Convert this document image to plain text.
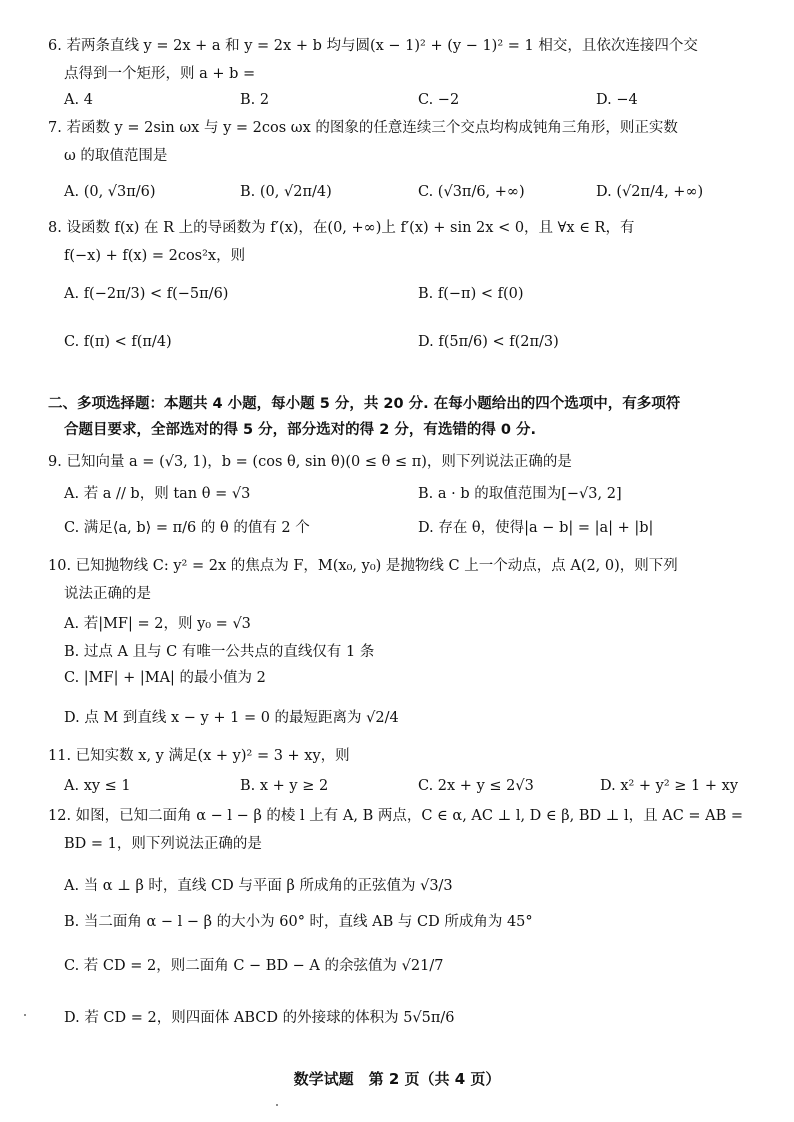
6. 若两条直线 y = 2x + a 和 y = 2x + b 均与圆(x − 1)² + (y − 1)² = 1 相交，且依次连接四个交
点得到一个矩形，则 a + b =
A. 4	B. 2	C. −2	D. −4
7. 若函数 y = 2sin ωx 与 y = 2cos ωx 的图象的任意连续三个交点均构成钝角三角形，则正实数
ω 的取值范围是
A. (0, √3π/6)	B. (0, √2π/4)	C. (√3π/6, +∞)	D. (√2π/4, +∞)
8. 设函数 f(x) 在 R 上的导函数为 f′(x)，在(0, +∞)上 f′(x) + sin 2x < 0，且 ∀x ∈ R，有
f(−x) + f(x) = 2cos²x，则
A. f(−2π/3) < f(−5π/6)	B. f(−π) < f(0)
C. f(π) < f(π/4)	D. f(5π/6) < f(2π/3)
二、多项选择题：本题共 4 小题，每小题 5 分，共 20 分. 在每小题给出的四个选项中，有多项符
合题目要求，全部选对的得 5 分，部分选对的得 2 分，有选错的得 0 分.
9. 已知向量 a = (√3, 1)，b = (cos θ, sin θ)(0 ≤ θ ≤ π)，则下列说法正确的是
A. 若 a // b，则 tan θ = √3	B. a · b 的取值范围为[−√3, 2]
C. 满足⟨a, b⟩ = π/6 的 θ 的值有 2 个	D. 存在 θ，使得|a − b| = |a| + |b|
10. 已知抛物线 C: y² = 2x 的焦点为 F，M(x₀, y₀) 是抛物线 C 上一个动点，点 A(2, 0)，则下列
说法正确的是
A. 若|MF| = 2，则 y₀ = √3
B. 过点 A 且与 C 有唯一公共点的直线仅有 1 条
C. |MF| + |MA| 的最小值为 2
D. 点 M 到直线 x − y + 1 = 0 的最短距离为 √2/4
11. 已知实数 x, y 满足(x + y)² = 3 + xy，则
A. xy ≤ 1	B. x + y ≥ 2	C. 2x + y ≤ 2√3	D. x² + y² ≥ 1 + xy
12. 如图，已知二面角 α − l − β 的棱 l 上有 A, B 两点，C ∈ α, AC ⊥ l, D ∈ β, BD ⊥ l，且 AC = AB =
BD = 1，则下列说法正确的是
A. 当 α ⊥ β 时，直线 CD 与平面 β 所成角的正弦值为 √3/3
B. 当二面角 α − l − β 的大小为 60° 时，直线 AB 与 CD 所成角为 45°
C. 若 CD = 2，则二面角 C − BD − A 的余弦值为 √21/7
D. 若 CD = 2，则四面体 ABCD 的外接球的体积为 5√5π/6
数学试题　第 2 页（共 4 页）
